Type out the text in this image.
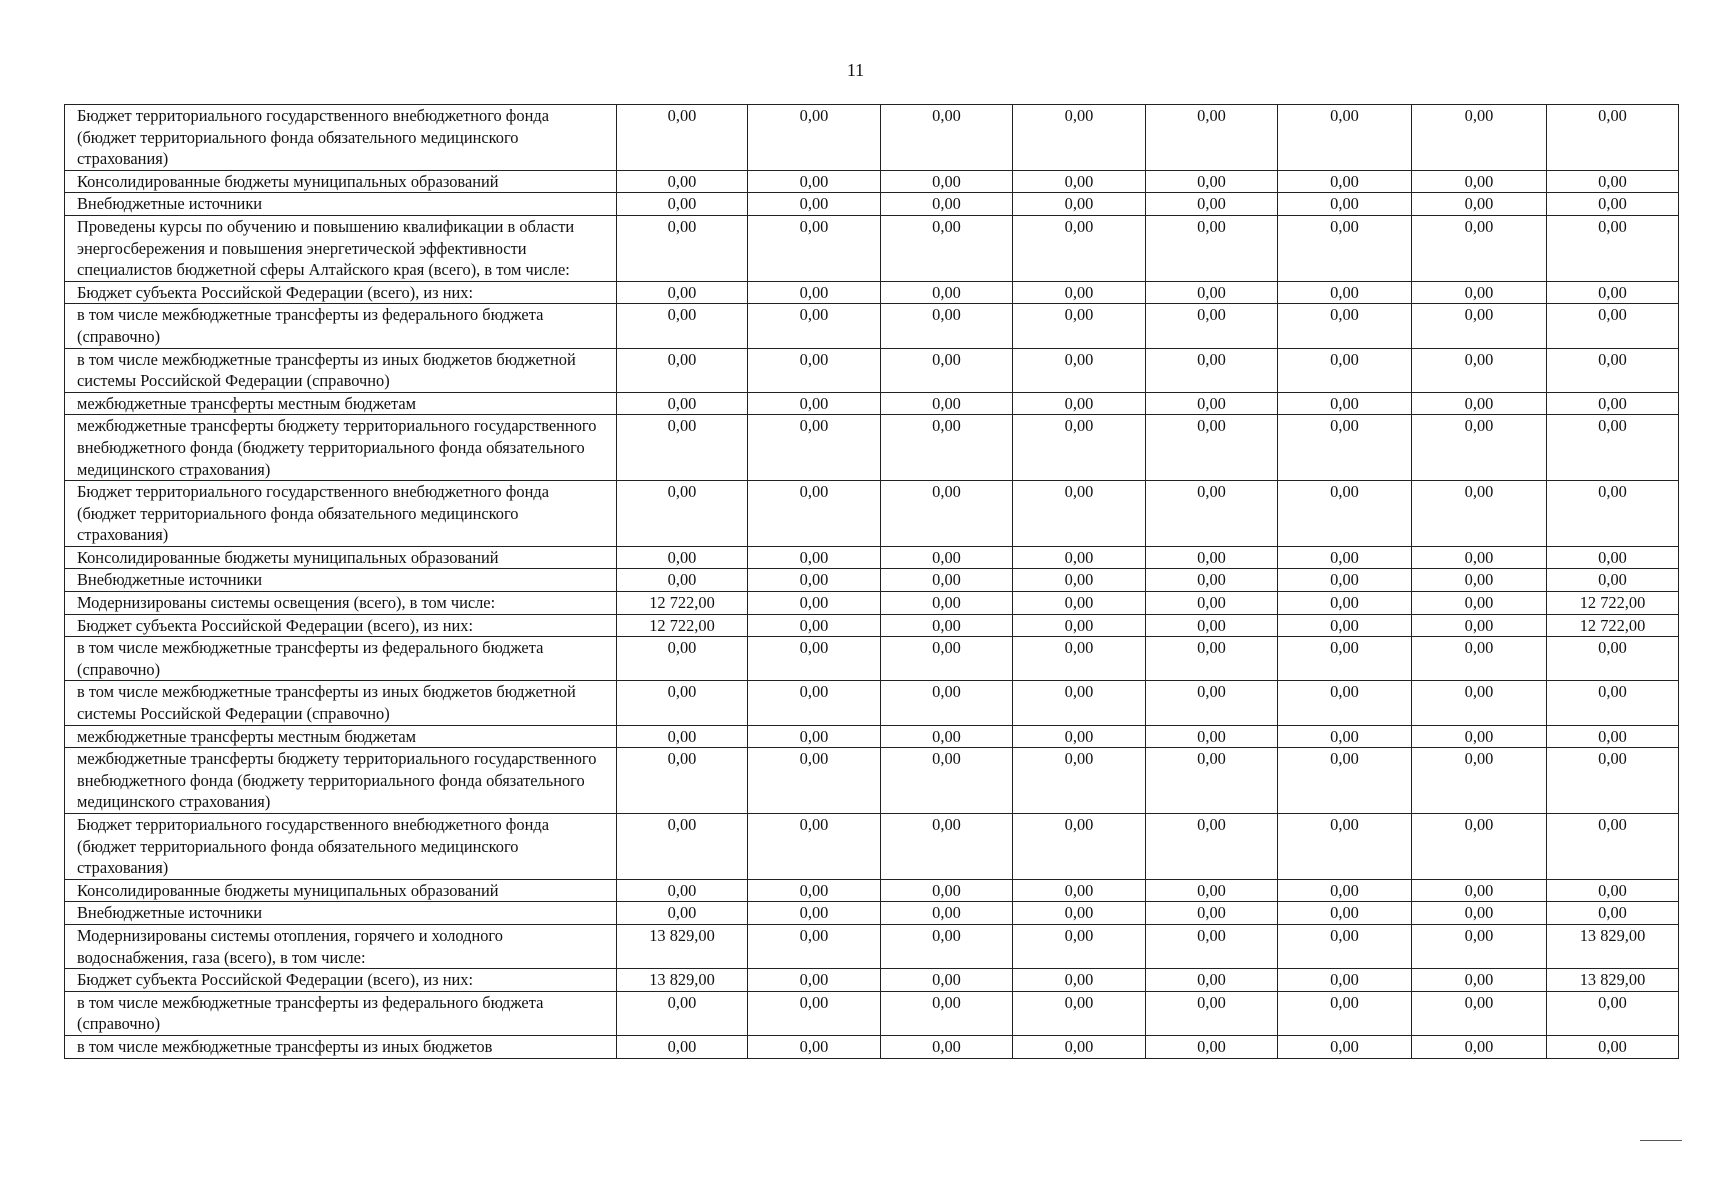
11
Бюджет территориального государственного внебюджетного фонда (бюджет территориального фонда обязательного медицинского страхования)	0,00	0,00	0,00	0,00	0,00	0,00	0,00	0,00
Консолидированные бюджеты муниципальных образований	0,00	0,00	0,00	0,00	0,00	0,00	0,00	0,00
Внебюджетные источники	0,00	0,00	0,00	0,00	0,00	0,00	0,00	0,00
Проведены курсы по обучению и повышению квалификации в области энергосбережения и повышения энергетической эффективности специалистов бюджетной сферы Алтайского края (всего), в том числе:	0,00	0,00	0,00	0,00	0,00	0,00	0,00	0,00
Бюджет субъекта Российской Федерации (всего), из них:	0,00	0,00	0,00	0,00	0,00	0,00	0,00	0,00
в том числе межбюджетные трансферты из федерального бюджета (справочно)	0,00	0,00	0,00	0,00	0,00	0,00	0,00	0,00
в том числе межбюджетные трансферты из иных бюджетов бюджетной системы Российской Федерации (справочно)	0,00	0,00	0,00	0,00	0,00	0,00	0,00	0,00
межбюджетные трансферты местным бюджетам	0,00	0,00	0,00	0,00	0,00	0,00	0,00	0,00
межбюджетные трансферты бюджету территориального государственного внебюджетного фонда (бюджету территориального фонда обязательного медицинского страхования)	0,00	0,00	0,00	0,00	0,00	0,00	0,00	0,00
Бюджет территориального государственного внебюджетного фонда (бюджет территориального фонда обязательного медицинского страхования)	0,00	0,00	0,00	0,00	0,00	0,00	0,00	0,00
Консолидированные бюджеты муниципальных образований	0,00	0,00	0,00	0,00	0,00	0,00	0,00	0,00
Внебюджетные источники	0,00	0,00	0,00	0,00	0,00	0,00	0,00	0,00
Модернизированы системы освещения (всего), в том числе:	12 722,00	0,00	0,00	0,00	0,00	0,00	0,00	12 722,00
Бюджет субъекта Российской Федерации (всего), из них:	12 722,00	0,00	0,00	0,00	0,00	0,00	0,00	12 722,00
в том числе межбюджетные трансферты из федерального бюджета (справочно)	0,00	0,00	0,00	0,00	0,00	0,00	0,00	0,00
в том числе межбюджетные трансферты из иных бюджетов бюджетной системы Российской Федерации (справочно)	0,00	0,00	0,00	0,00	0,00	0,00	0,00	0,00
межбюджетные трансферты местным бюджетам	0,00	0,00	0,00	0,00	0,00	0,00	0,00	0,00
межбюджетные трансферты бюджету территориального государственного внебюджетного фонда (бюджету территориального фонда обязательного медицинского страхования)	0,00	0,00	0,00	0,00	0,00	0,00	0,00	0,00
Бюджет территориального государственного внебюджетного фонда (бюджет территориального фонда обязательного медицинского страхования)	0,00	0,00	0,00	0,00	0,00	0,00	0,00	0,00
Консолидированные бюджеты муниципальных образований	0,00	0,00	0,00	0,00	0,00	0,00	0,00	0,00
Внебюджетные источники	0,00	0,00	0,00	0,00	0,00	0,00	0,00	0,00
Модернизированы системы отопления, горячего и холодного водоснабжения, газа (всего), в том числе:	13 829,00	0,00	0,00	0,00	0,00	0,00	0,00	13 829,00
Бюджет субъекта Российской Федерации (всего), из них:	13 829,00	0,00	0,00	0,00	0,00	0,00	0,00	13 829,00
в том числе межбюджетные трансферты из федерального бюджета (справочно)	0,00	0,00	0,00	0,00	0,00	0,00	0,00	0,00
в том числе межбюджетные трансферты из иных бюджетов	0,00	0,00	0,00	0,00	0,00	0,00	0,00	0,00
